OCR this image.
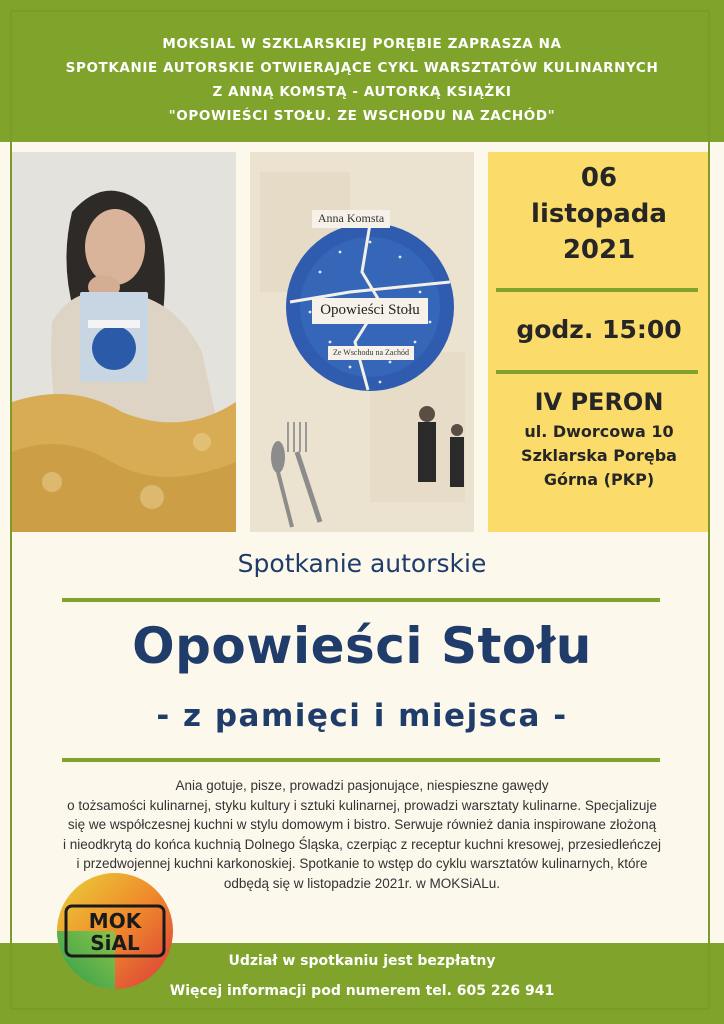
MOKSIAL W SZKLARSKIEJ PORĘBIE ZAPRASZA NA
SPOTKANIE AUTORSKIE OTWIERAJĄCE CYKL WARSZTATÓW KULINARNYCH
Z ANNĄ KOMSTĄ - AUTORKĄ KSIĄŻKI
"OPOWIEŚCI STOŁU. ZE WSCHODU NA ZACHÓD"
Anna Komsta
Opowieści Stołu
Ze Wschodu na Zachód
06
listopada
2021
godz. 15:00
IV PERON
ul. Dworcowa 10
Szklarska Poręba
Górna (PKP)
Spotkanie autorskie
Opowieści Stołu
- z pamięci i miejsca -
Ania gotuje, pisze, prowadzi pasjonujące, niespieszne gawędy
o tożsamości kulinarnej, styku kultury i sztuki kulinarnej, prowadzi warsztaty kulinarne. Specjalizuje
się we współczesnej kuchni w stylu domowym i bistro. Serwuje również dania inspirowane złożoną
i nieodkrytą do końca kuchnią Dolnego Śląska, czerpiąc z receptur kuchni kresowej, przesiedleńczej
i przedwojennej kuchni karkonoskiej. Spotkanie to wstęp do cyklu warsztatów kulinarnych, które
odbędą się w listopadzie 2021r. w MOKSiALu.
Udział w spotkaniu jest bezpłatny
Więcej informacji pod numerem tel. 605 226 941
MOK
SiAL
